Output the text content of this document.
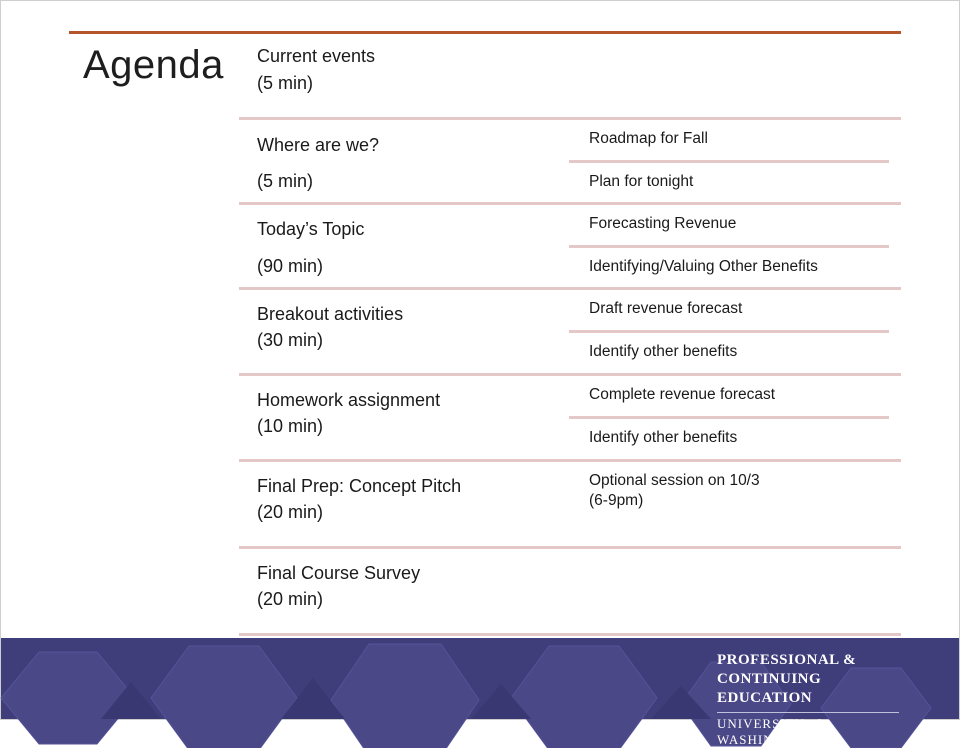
Agenda Current events
(5 min)
Where are we?
(5 min)
Roadmap for Fall
Plan for tonight
Today’s Topic
(90 min)
Forecasting Revenue
Identifying/Valuing Other Benefits
Breakout activities
(30 min)
Draft revenue forecast
Identify other benefits
Homework assignment
(10 min)
Complete revenue forecast
Identify other benefits
Final Prep: Concept Pitch
(20 min)
Optional session on 10/3
(6-9pm)
Final Course Survey
(20 min)
PROFESSIONAL &
CONTINUING EDUCATION
UNIVERSITY of WASHINGTON
